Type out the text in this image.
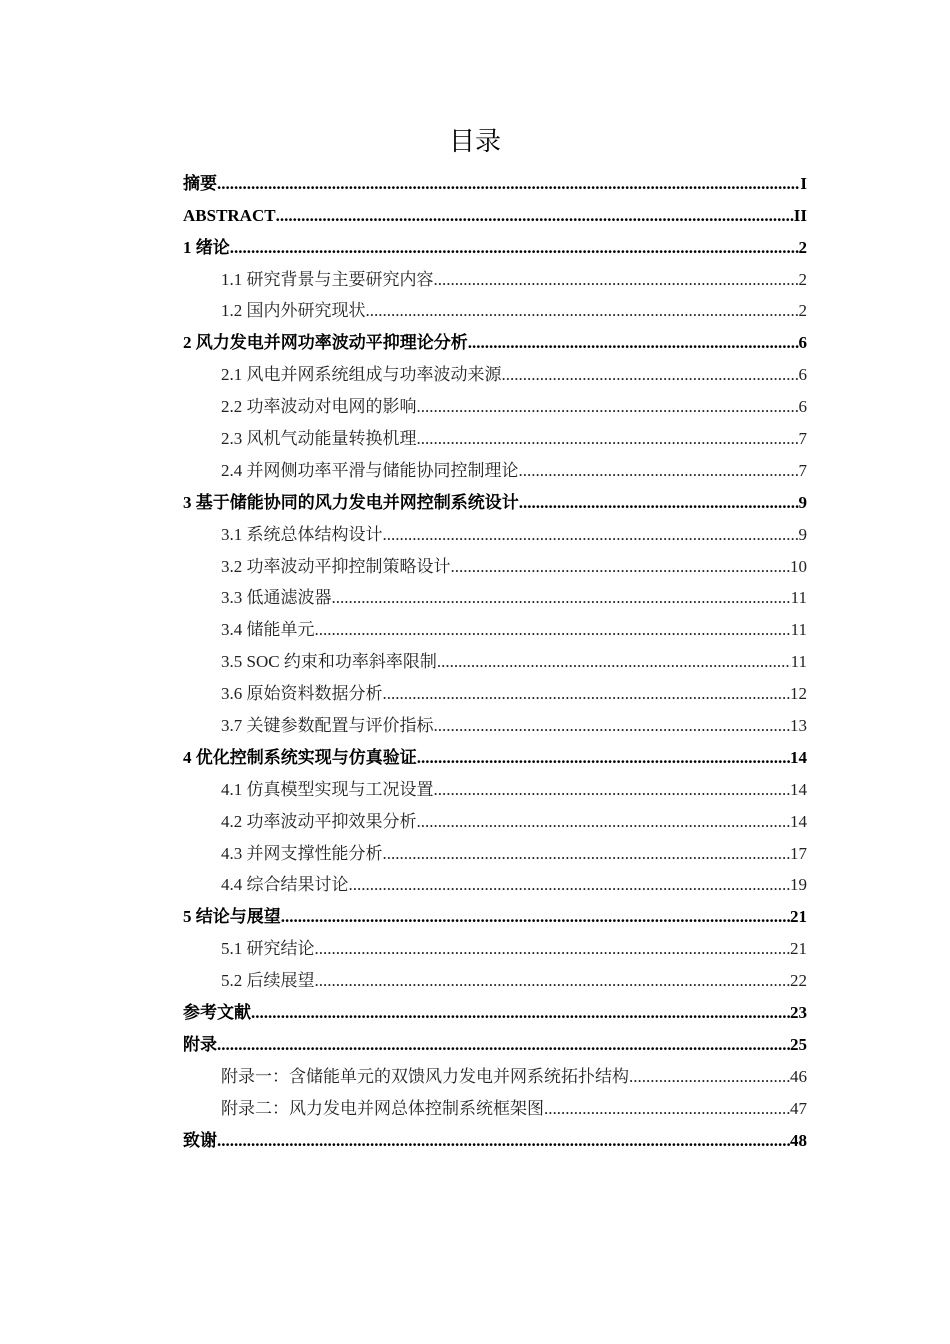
目录
摘要 .....	I
ABSTRACT .....	II
1 绪论 .....	2
1.1 研究背景与主要研究内容 .....	2
1.2 国内外研究现状 .....	2
2 风力发电并网功率波动平抑理论分析 .....	6
2.1 风电并网系统组成与功率波动来源 .....	6
2.2 功率波动对电网的影响 .....	6
2.3 风机气动能量转换机理 .....	7
2.4 并网侧功率平滑与储能协同控制理论 .....	7
3 基于储能协同的风力发电并网控制系统设计 .....	9
3.1 系统总体结构设计 .....	9
3.2 功率波动平抑控制策略设计 .....	10
3.3 低通滤波器 .....	11
3.4 储能单元 .....	11
3.5 SOC 约束和功率斜率限制 .....	11
3.6 原始资料数据分析 .....	12
3.7 关键参数配置与评价指标 .....	13
4 优化控制系统实现与仿真验证 .....	14
4.1 仿真模型实现与工况设置 .....	14
4.2 功率波动平抑效果分析 .....	14
4.3 并网支撑性能分析 .....	17
4.4 综合结果讨论 .....	19
5 结论与展望 .....	21
5.1 研究结论 .....	21
5.2 后续展望 .....	22
参考文献 .....	23
附录 .....	25
附录一：含储能单元的双馈风力发电并网系统拓扑结构 .....	46
附录二：风力发电并网总体控制系统框架图 .....	47
致谢 .....	48
